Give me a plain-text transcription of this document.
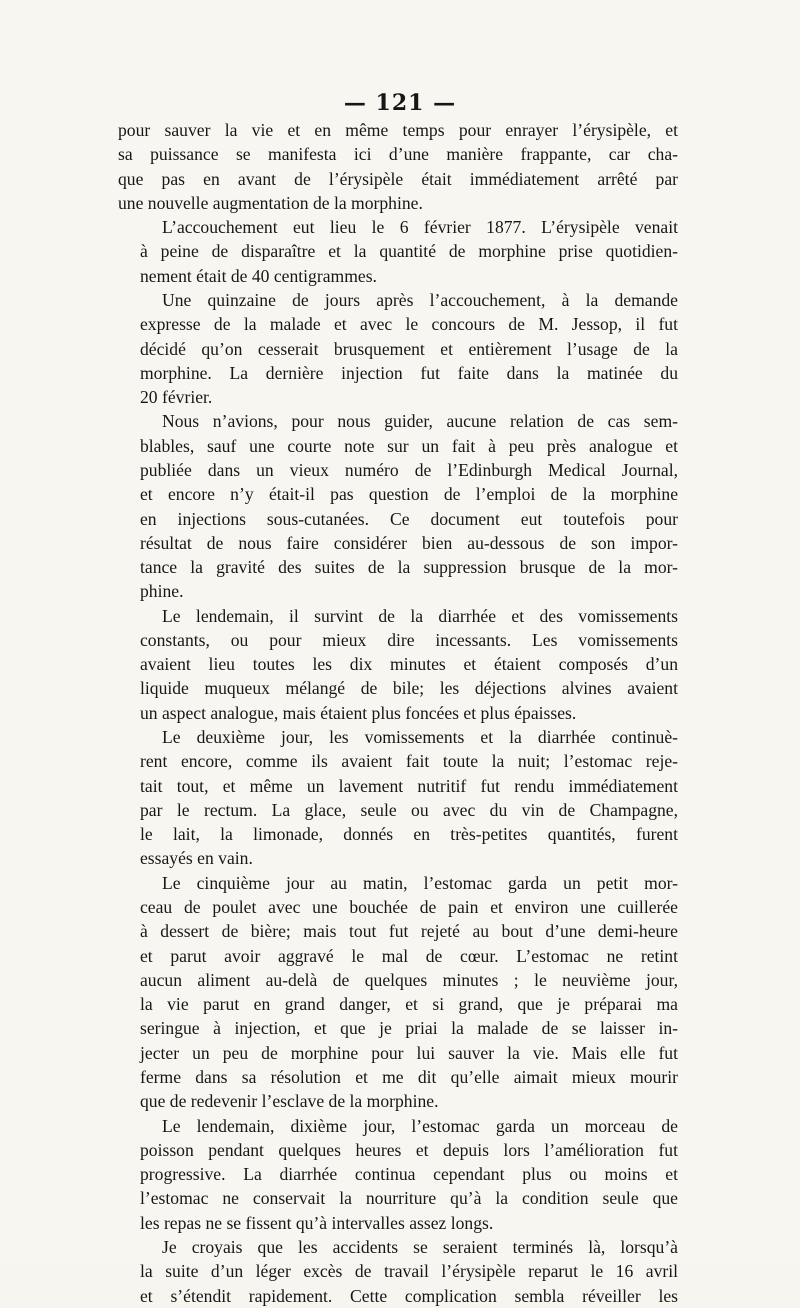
— 121 —
pour sauver la vie et en même temps pour enrayer l’érysipèle, et
sa puissance se manifesta ici d’une manière frappante, car cha-
que pas en avant de l’érysipèle était immédiatement arrêté par
une nouvelle augmentation de la morphine.
L’accouchement eut lieu le 6 février 1877. L’érysipèle venait
à peine de disparaître et la quantité de morphine prise quotidien-
nement était de 40 centigrammes.
Une quinzaine de jours après l’accouchement, à la demande
expresse de la malade et avec le concours de M. Jessop, il fut
décidé qu’on cesserait brusquement et entièrement l’usage de la
morphine. La dernière injection fut faite dans la matinée du
20 février.
Nous n’avions, pour nous guider, aucune relation de cas sem-
blables, sauf une courte note sur un fait à peu près analogue et
publiée dans un vieux numéro de l’Edinburgh Medical Journal,
et encore n’y était-il pas question de l’emploi de la morphine
en injections sous-cutanées. Ce document eut toutefois pour
résultat de nous faire considérer bien au-dessous de son impor-
tance la gravité des suites de la suppression brusque de la mor-
phine.
Le lendemain, il survint de la diarrhée et des vomissements
constants, ou pour mieux dire incessants. Les vomissements
avaient lieu toutes les dix minutes et étaient composés d’un
liquide muqueux mélangé de bile; les déjections alvines avaient
un aspect analogue, mais étaient plus foncées et plus épaisses.
Le deuxième jour, les vomissements et la diarrhée continuè-
rent encore, comme ils avaient fait toute la nuit; l’estomac reje-
tait tout, et même un lavement nutritif fut rendu immédiatement
par le rectum. La glace, seule ou avec du vin de Champagne,
le lait, la limonade, donnés en très-petites quantités, furent
essayés en vain.
Le cinquième jour au matin, l’estomac garda un petit mor-
ceau de poulet avec une bouchée de pain et environ une cuillerée
à dessert de bière; mais tout fut rejeté au bout d’une demi-heure
et parut avoir aggravé le mal de cœur. L’estomac ne retint
aucun aliment au-delà de quelques minutes ; le neuvième jour,
la vie parut en grand danger, et si grand, que je préparai ma
seringue à injection, et que je priai la malade de se laisser in-
jecter un peu de morphine pour lui sauver la vie. Mais elle fut
ferme dans sa résolution et me dit qu’elle aimait mieux mourir
que de redevenir l’esclave de la morphine.
Le lendemain, dixième jour, l’estomac garda un morceau de
poisson pendant quelques heures et depuis lors l’amélioration fut
progressive. La diarrhée continua cependant plus ou moins et
l’estomac ne conservait la nourriture qu’à la condition seule que
les repas ne se fissent qu’à intervalles assez longs.
Je croyais que les accidents se seraient terminés là, lorsqu’à
la suite d’un léger excès de travail l’érysipèle reparut le 16 avril
et s’étendit rapidement. Cette complication sembla réveiller les
